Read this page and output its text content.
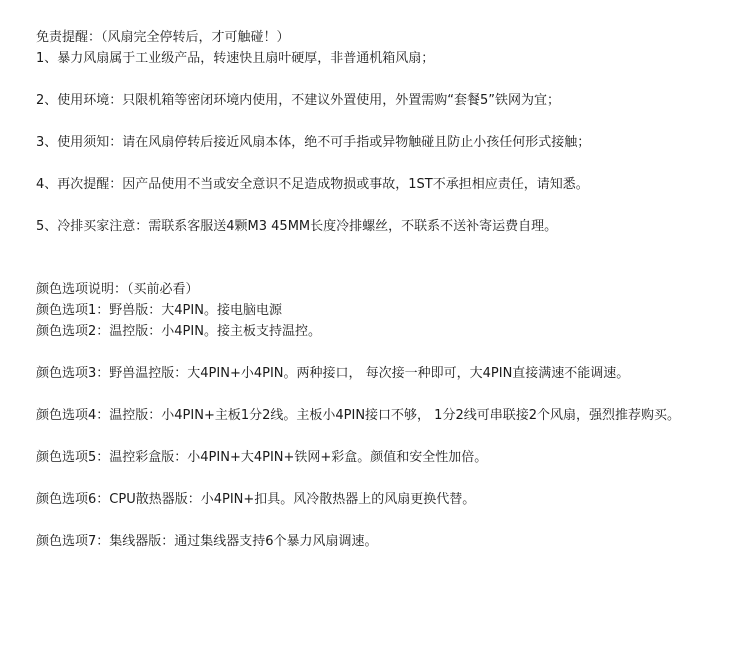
免责提醒：（风扇完全停转后，才可触碰！）
1、暴力风扇属于工业级产品，转速快且扇叶硬厚，非普通机箱风扇；
2、使用环境：只限机箱等密闭环境内使用，不建议外置使用，外置需购“套餐5”铁网为宜；
3、使用须知：请在风扇停转后接近风扇本体，绝不可手指或异物触碰且防止小孩任何形式接触；
4、再次提醒：因产品使用不当或安全意识不足造成物损或事故，1ST不承担相应责任，请知悉。
5、冷排买家注意：需联系客服送4颗M3 45MM长度冷排螺丝，不联系不送补寄运费自理。
颜色选项说明：（买前必看）
颜色选项1：野兽版：大4PIN。接电脑电源
颜色选项2：温控版：小4PIN。接主板支持温控。
颜色选项3：野兽温控版：大4PIN+小4PIN。两种接口， 每次接一种即可，大4PIN直接满速不能调速。
颜色选项4：温控版：小4PIN+主板1分2线。主板小4PIN接口不够， 1分2线可串联接2个风扇，强烈推荐购买。
颜色选项5：温控彩盒版：小4PIN+大4PIN+铁网+彩盒。颜值和安全性加倍。
颜色选项6：CPU散热器版：小4PIN+扣具。风冷散热器上的风扇更换代替。
颜色选项7：集线器版：通过集线器支持6个暴力风扇调速。
